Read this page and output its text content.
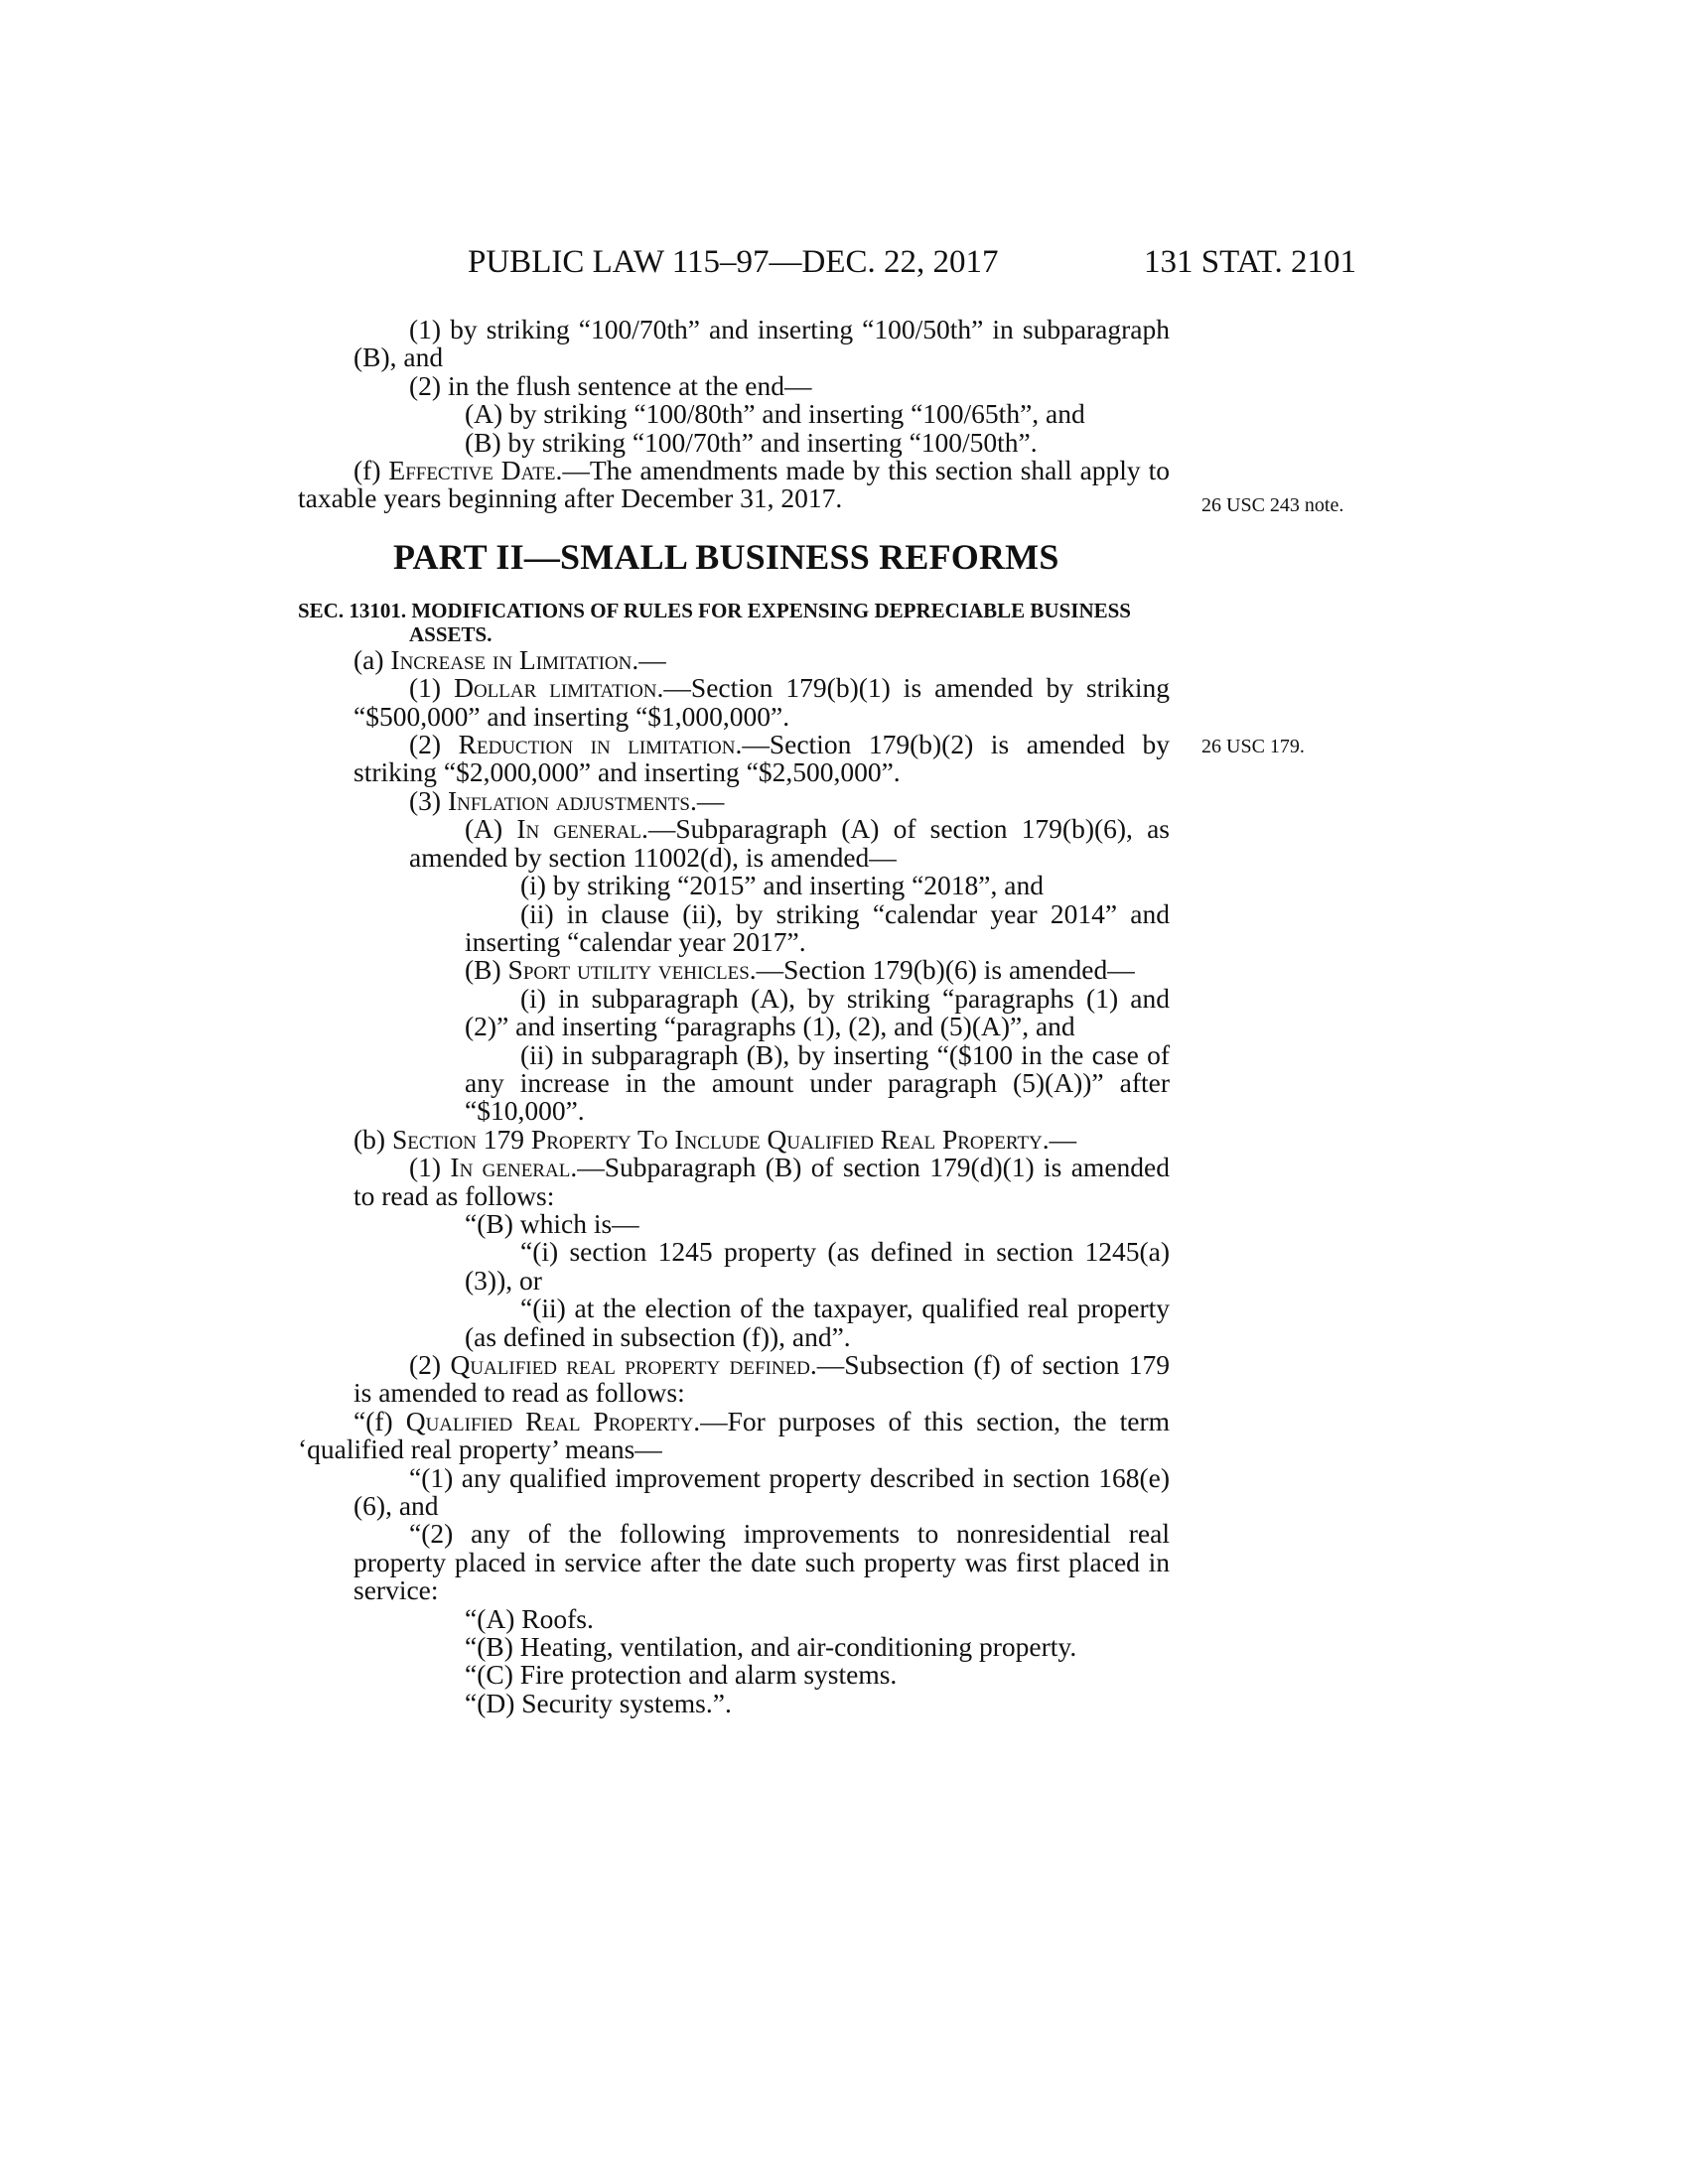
PUBLIC LAW 115–97—DEC. 22, 2017	131 STAT. 2101
26 USC 243 note.
26 USC 179.

(1) by striking “100/70th” and inserting “100/50th” in subparagraph (B), and

(2) in the flush sentence at the end—

(A) by striking “100/80th” and inserting “100/65th”, and

(B) by striking “100/70th” and inserting “100/50th”.

(f) Effective Date.—The amendments made by this section shall apply to taxable years beginning after December 31, 2017.

PART II—SMALL BUSINESS REFORMS

SEC. 13101. MODIFICATIONS OF RULES FOR EXPENSING DEPRECIABLE BUSINESS ASSETS.

(a) Increase in Limitation.—

(1) Dollar limitation.—Section 179(b)(1) is amended by striking “$500,000” and inserting “$1,000,000”.

(2) Reduction in limitation.—Section 179(b)(2) is amended by striking “$2,000,000” and inserting “$2,500,000”.

(3) Inflation adjustments.—

(A) In general.—Subparagraph (A) of section 179(b)(6), as amended by section 11002(d), is amended—

(i) by striking “2015” and inserting “2018”, and

(ii) in clause (ii), by striking “calendar year 2014” and inserting “calendar year 2017”.

(B) Sport utility vehicles.—Section 179(b)(6) is amended—

(i) in subparagraph (A), by striking “paragraphs (1) and (2)” and inserting “paragraphs (1), (2), and (5)(A)”, and

(ii) in subparagraph (B), by inserting “($100 in the case of any increase in the amount under paragraph (5)(A))” after “$10,000”.

(b) Section 179 Property To Include Qualified Real Property.—

(1) In general.—Subparagraph (B) of section 179(d)(1) is amended to read as follows:

“(B) which is—

“(i) section 1245 property (as defined in section 1245(a)(3)), or

“(ii) at the election of the taxpayer, qualified real property (as defined in subsection (f)), and”.

(2) Qualified real property defined.—Subsection (f) of section 179 is amended to read as follows:

“(f) Qualified Real Property.—For purposes of this section, the term ‘qualified real property’ means—

“(1) any qualified improvement property described in section 168(e)(6), and

“(2) any of the following improvements to nonresidential real property placed in service after the date such property was first placed in service:

“(A) Roofs.

“(B) Heating, ventilation, and air-conditioning property.

“(C) Fire protection and alarm systems.

“(D) Security systems.”.
